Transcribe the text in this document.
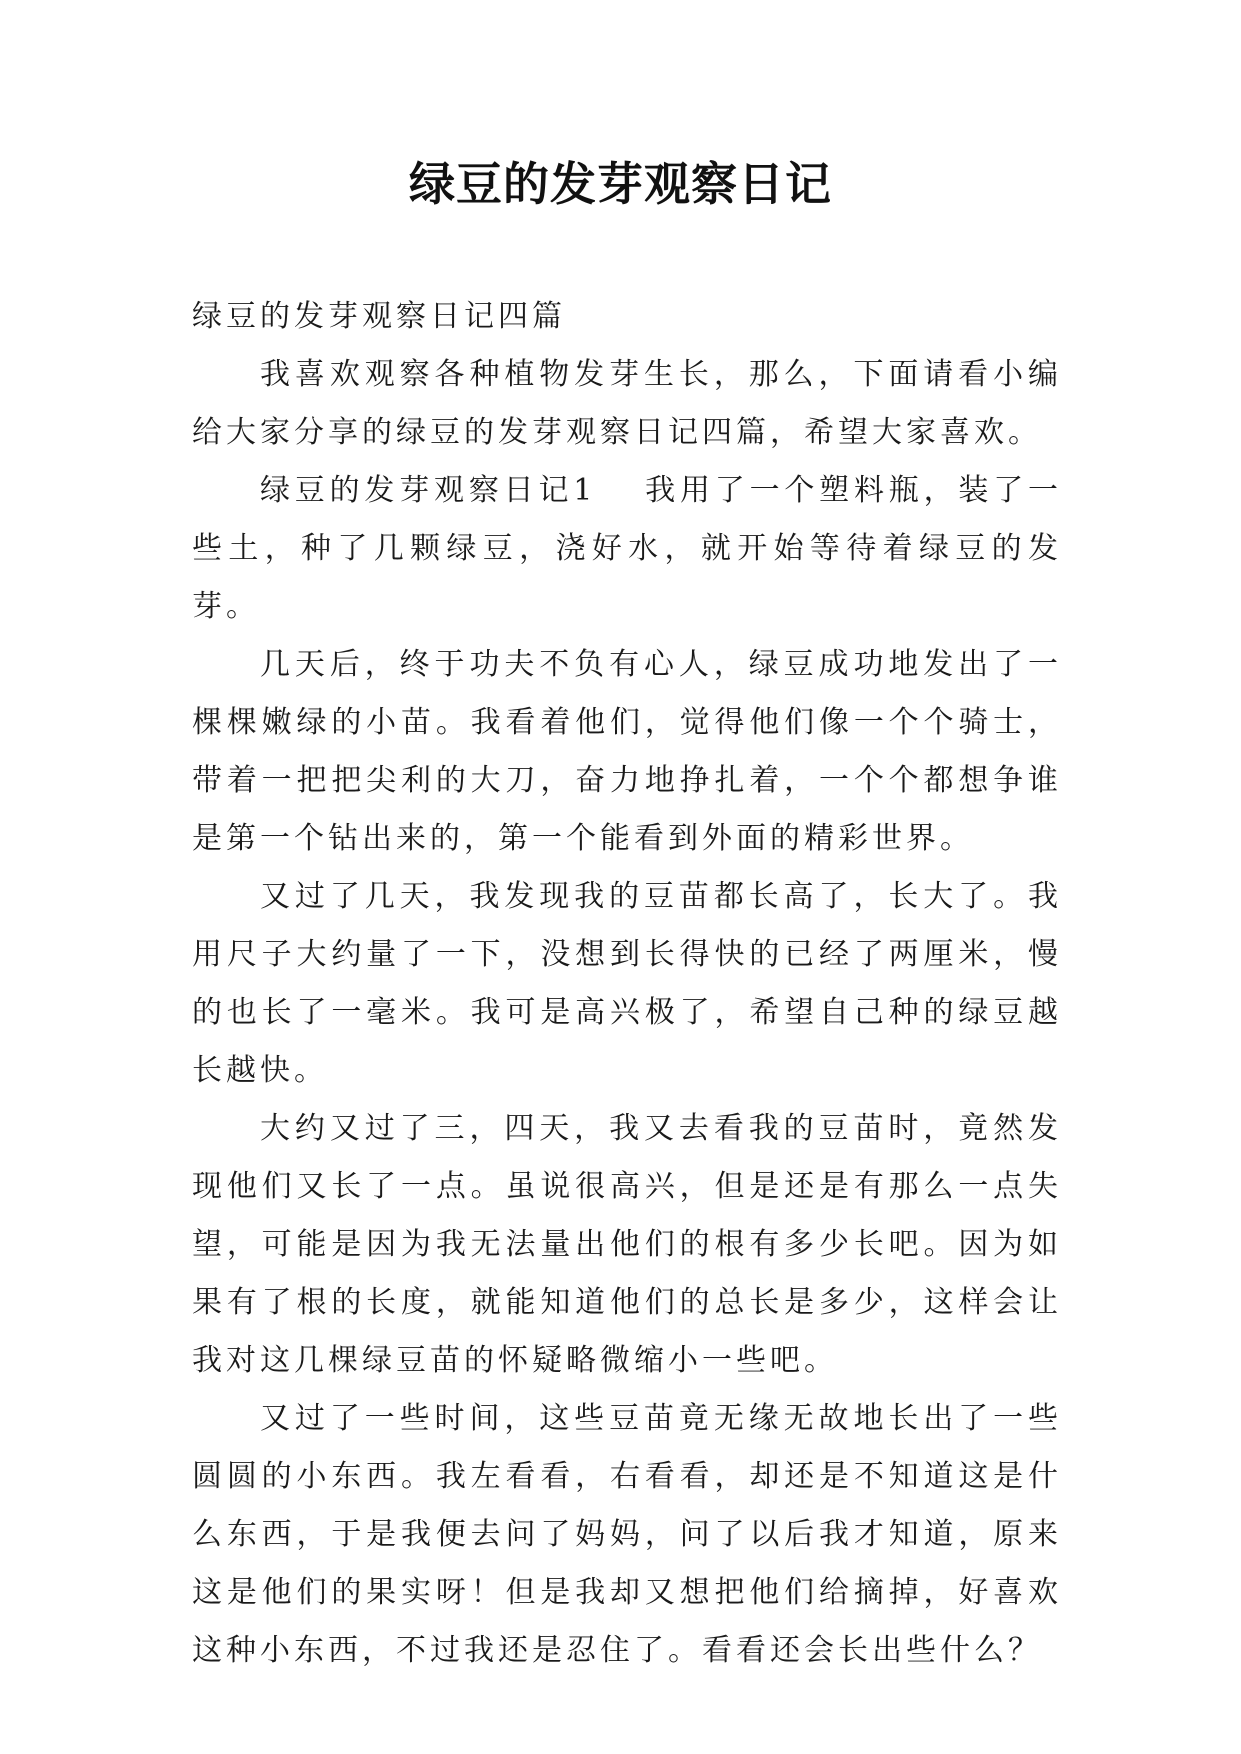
绿豆的发芽观察日记

绿豆的发芽观察日记四篇

我喜欢观察各种植物发芽生长，那么，下面请看小编给大家分享的绿豆的发芽观察日记四篇，希望大家喜欢。

绿豆的发芽观察日记1 我用了一个塑料瓶，装了一些土，种了几颗绿豆，浇好水，就开始等待着绿豆的发芽。

几天后，终于功夫不负有心人，绿豆成功地发出了一棵棵嫩绿的小苗。我看着他们，觉得他们像一个个骑士，带着一把把尖利的大刀，奋力地挣扎着，一个个都想争谁是第一个钻出来的，第一个能看到外面的精彩世界。

又过了几天，我发现我的豆苗都长高了，长大了。我用尺子大约量了一下，没想到长得快的已经了两厘米，慢的也长了一毫米。我可是高兴极了，希望自己种的绿豆越长越快。

大约又过了三，四天，我又去看我的豆苗时，竟然发现他们又长了一点。虽说很高兴，但是还是有那么一点失望，可能是因为我无法量出他们的根有多少长吧。因为如果有了根的长度，就能知道他们的总长是多少，这样会让我对这几棵绿豆苗的怀疑略微缩小一些吧。

又过了一些时间，这些豆苗竟无缘无故地长出了一些圆圆的小东西。我左看看，右看看，却还是不知道这是什么东西，于是我便去问了妈妈，问了以后我才知道，原来这是他们的果实呀！但是我却又想把他们给摘掉，好喜欢这种小东西，不过我还是忍住了。看看还会长出些什么？
